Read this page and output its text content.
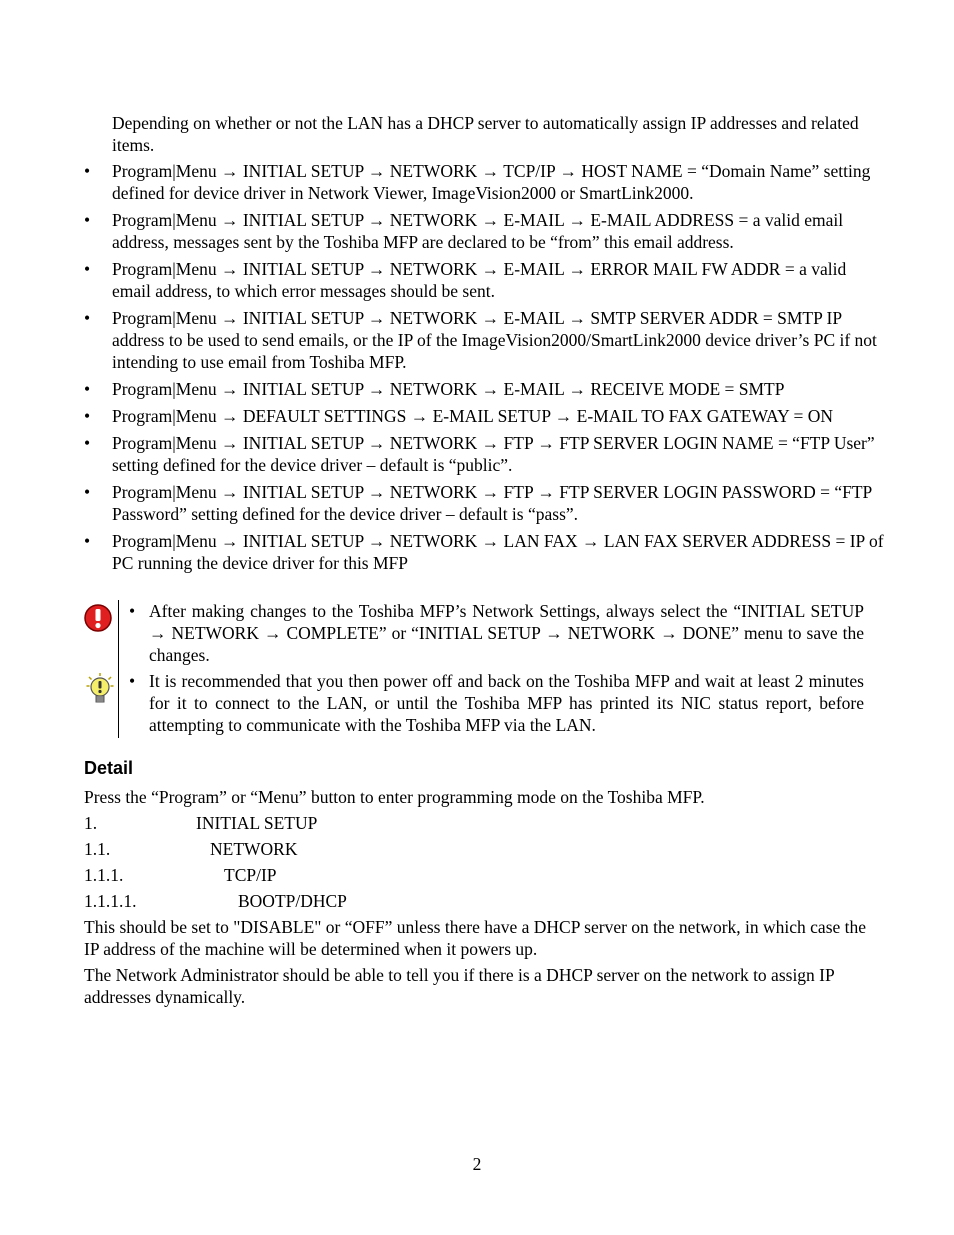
Depending on whether or not the LAN has a DHCP server to automatically assign IP addresses and related items.
• Program|Menu → INITIAL SETUP → NETWORK → TCP/IP → HOST NAME = “Domain Name” setting defined for device driver in Network Viewer, ImageVision2000 or SmartLink2000.
• Program|Menu → INITIAL SETUP → NETWORK → E-MAIL → E-MAIL ADDRESS = a valid email address, messages sent by the Toshiba MFP are declared to be “from” this email address.
• Program|Menu → INITIAL SETUP → NETWORK → E-MAIL → ERROR MAIL FW ADDR = a valid email address, to which error messages should be sent.
• Program|Menu → INITIAL SETUP → NETWORK → E-MAIL → SMTP SERVER ADDR = SMTP IP address to be used to send emails, or the IP of the ImageVision2000/SmartLink2000 device driver’s PC if not intending to use email from Toshiba MFP.
• Program|Menu → INITIAL SETUP → NETWORK → E-MAIL → RECEIVE MODE = SMTP
• Program|Menu → DEFAULT SETTINGS → E-MAIL SETUP → E-MAIL TO FAX GATEWAY = ON
• Program|Menu → INITIAL SETUP → NETWORK → FTP → FTP SERVER LOGIN NAME = “FTP User” setting defined for the device driver – default is “public”.
• Program|Menu → INITIAL SETUP → NETWORK → FTP → FTP SERVER LOGIN PASSWORD = “FTP Password” setting defined for the device driver – default is “pass”.
• Program|Menu → INITIAL SETUP → NETWORK → LAN FAX → LAN FAX SERVER ADDRESS = IP of PC running the device driver for this MFP
• After making changes to the Toshiba MFP’s Network Settings, always select the “INITIAL SETUP → NETWORK → COMPLETE” or “INITIAL SETUP → NETWORK → DONE” menu to save the changes.
• It is recommended that you then power off and back on the Toshiba MFP and wait at least 2 minutes for it to connect to the LAN, or until the Toshiba MFP has printed its NIC status report, before attempting to communicate with the Toshiba MFP via the LAN.
Detail

Press the “Program” or “Menu” button to enter programming mode on the Toshiba MFP.

1.	INITIAL SETUP
1.1.	NETWORK
1.1.1.	TCP/IP
1.1.1.1.	BOOTP/DHCP

This should be set to "DISABLE" or “OFF” unless there have a DHCP server on the network, in which case the IP address of the machine will be determined when it powers up.

The Network Administrator should be able to tell you if there is a DHCP server on the network to assign IP addresses dynamically.

2
